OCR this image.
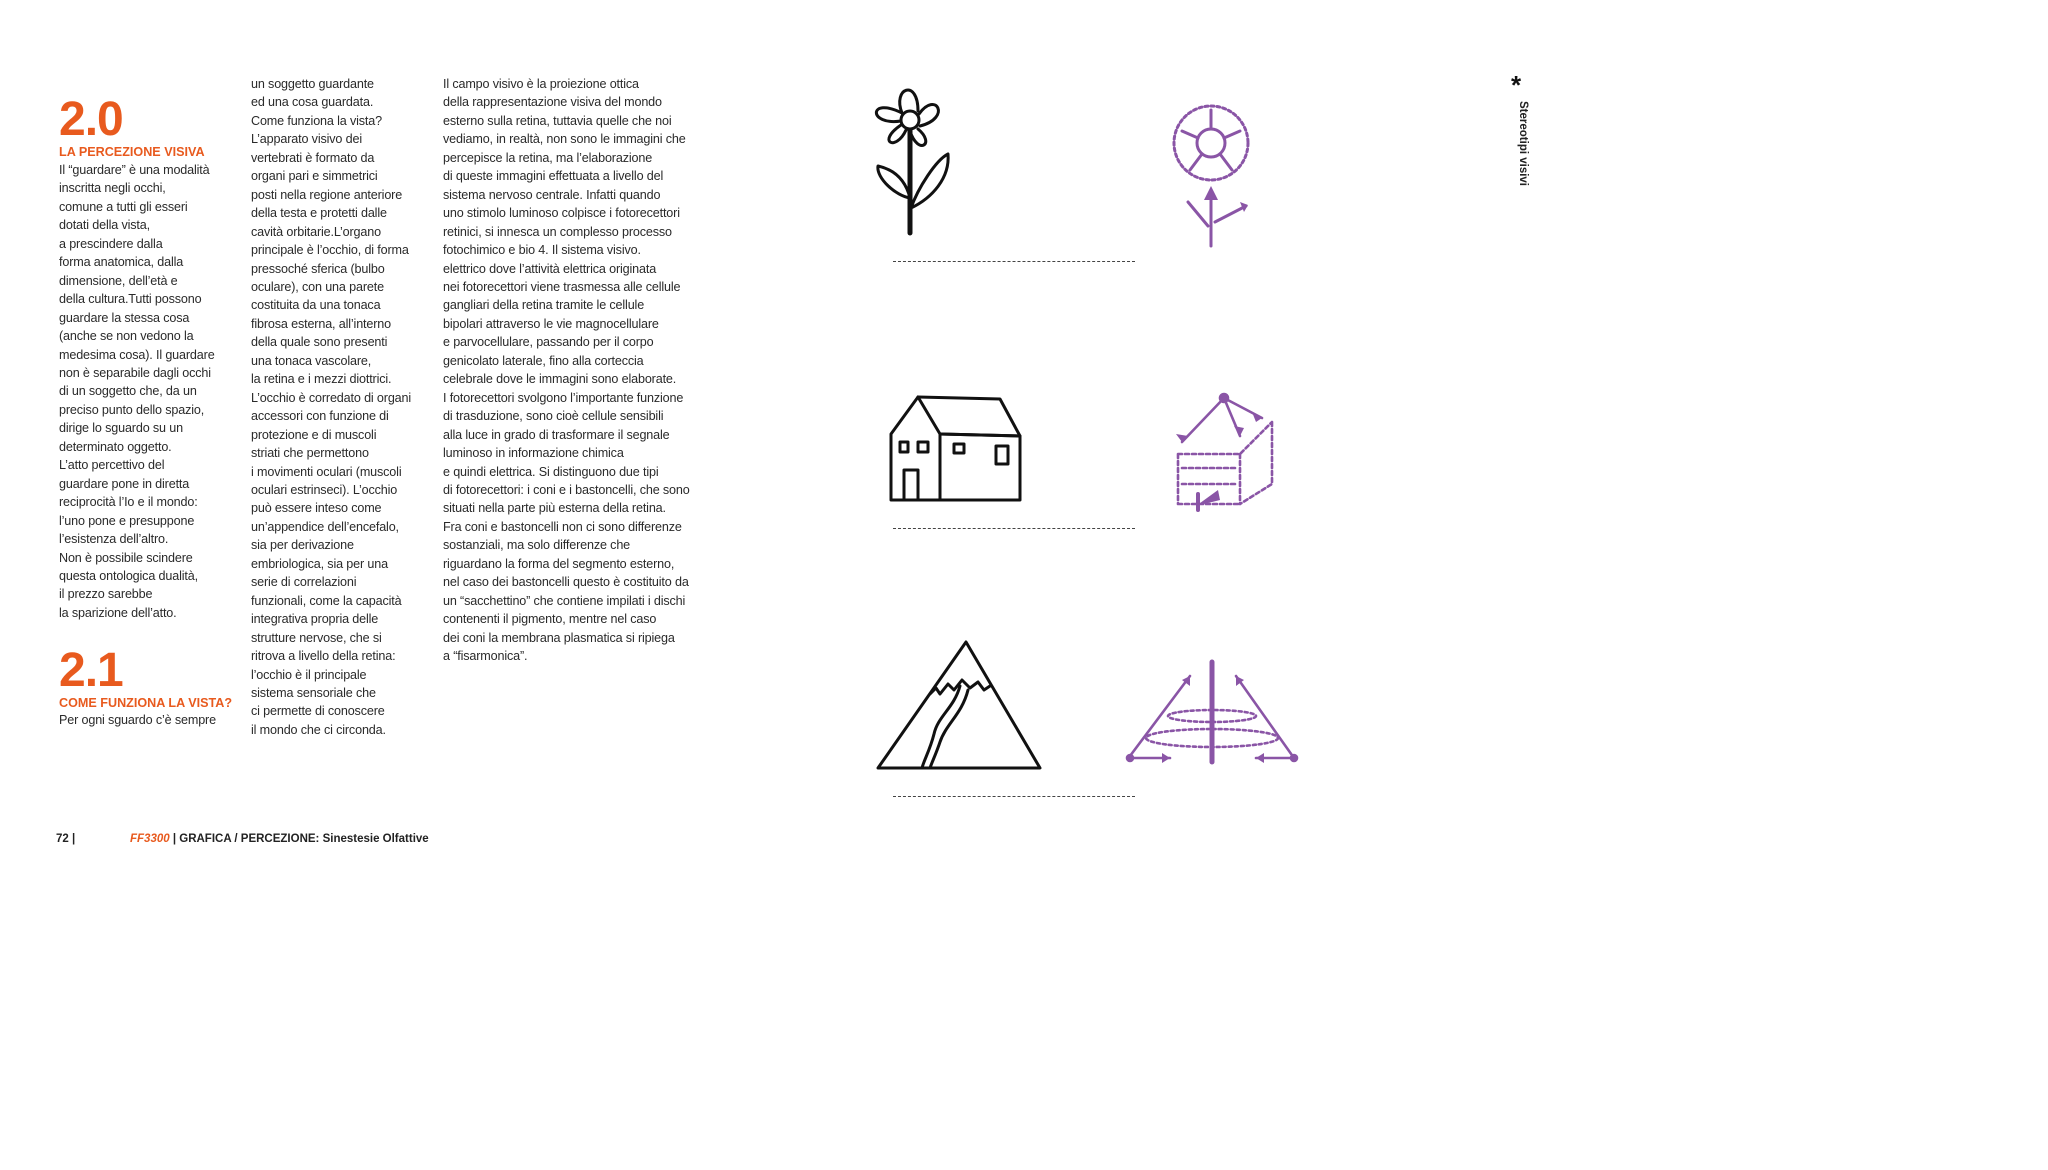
2.0
LA PERCEZIONE VISIVA
Il “guardare” è una modalità
inscritta negli occhi,
comune a tutti gli esseri
dotati della vista,
a prescindere dalla
forma anatomica, dalla
dimensione, dell’età e
della cultura.Tutti possono
guardare la stessa cosa
(anche se non vedono la
medesima cosa). Il guardare
non è separabile dagli occhi
di un soggetto che, da un
preciso punto dello spazio,
dirige lo sguardo su un
determinato oggetto.
L’atto percettivo del
guardare pone in diretta
reciprocità l’Io e il mondo:
l’uno pone e presuppone
l’esistenza dell’altro.
Non è possibile scindere
questa ontologica dualità,
il prezzo sarebbe
la sparizione dell’atto.
2.1
COME FUNZIONA LA VISTA?
Per ogni sguardo c’è sempre
un soggetto guardante
ed una cosa guardata.
Come funziona la vista?
L’apparato visivo dei
vertebrati è formato da
organi pari e simmetrici
posti nella regione anteriore
della testa e protetti dalle
cavità orbitarie.L’organo
principale è l’occhio, di forma
pressoché sferica (bulbo
oculare), con una parete
costituita da una tonaca
fibrosa esterna, all’interno
della quale sono presenti
una tonaca vascolare,
la retina e i mezzi diottrici.
L’occhio è corredato di organi
accessori con funzione di
protezione e di muscoli
striati che permettono
i movimenti oculari (muscoli
oculari estrinseci). L’occhio
può essere inteso come
un’appendice dell’encefalo,
sia per derivazione
embriologica, sia per una
serie di correlazioni
funzionali, come la capacità
integrativa propria delle
strutture nervose, che si
ritrova a livello della retina:
l’occhio è il principale
sistema sensoriale che
ci permette di conoscere
il mondo che ci circonda.
Il campo visivo è la proiezione ottica
della rappresentazione visiva del mondo
esterno sulla retina, tuttavia quelle che noi
vediamo, in realtà, non sono le immagini che
percepisce la retina, ma l’elaborazione
di queste immagini effettuata a livello del
sistema nervoso centrale. Infatti quando
uno stimolo luminoso colpisce i fotorecettori
retinici, si innesca un complesso processo
fotochimico e bio 4. Il sistema visivo.
elettrico dove l’attività elettrica originata
nei fotorecettori viene trasmessa alle cellule
gangliari della retina tramite le cellule
bipolari attraverso le vie magnocellulare
e parvocellulare, passando per il corpo
genicolato laterale, fino alla corteccia
celebrale dove le immagini sono elaborate.
I fotorecettori svolgono l’importante funzione
di trasduzione, sono cioè cellule sensibili
alla luce in grado di trasformare il segnale
luminoso in informazione chimica
e quindi elettrica. Si distinguono due tipi
di fotorecettori: i coni e i bastoncelli, che sono
situati nella parte più esterna della retina.
Fra coni e bastoncelli non ci sono differenze
sostanziali, ma solo differenze che
riguardano la forma del segmento esterno,
nel caso dei bastoncelli questo è costituito da
un “sacchettino” che contiene impilati i dischi
contenenti il pigmento, mentre nel caso
dei coni la membrana plasmatica si ripiega
a “fisarmonica”.
*
Stereotipi visivi
72 |	FF3300 | GRAFICA / PERCEZIONE: Sinestesie Olfattive
